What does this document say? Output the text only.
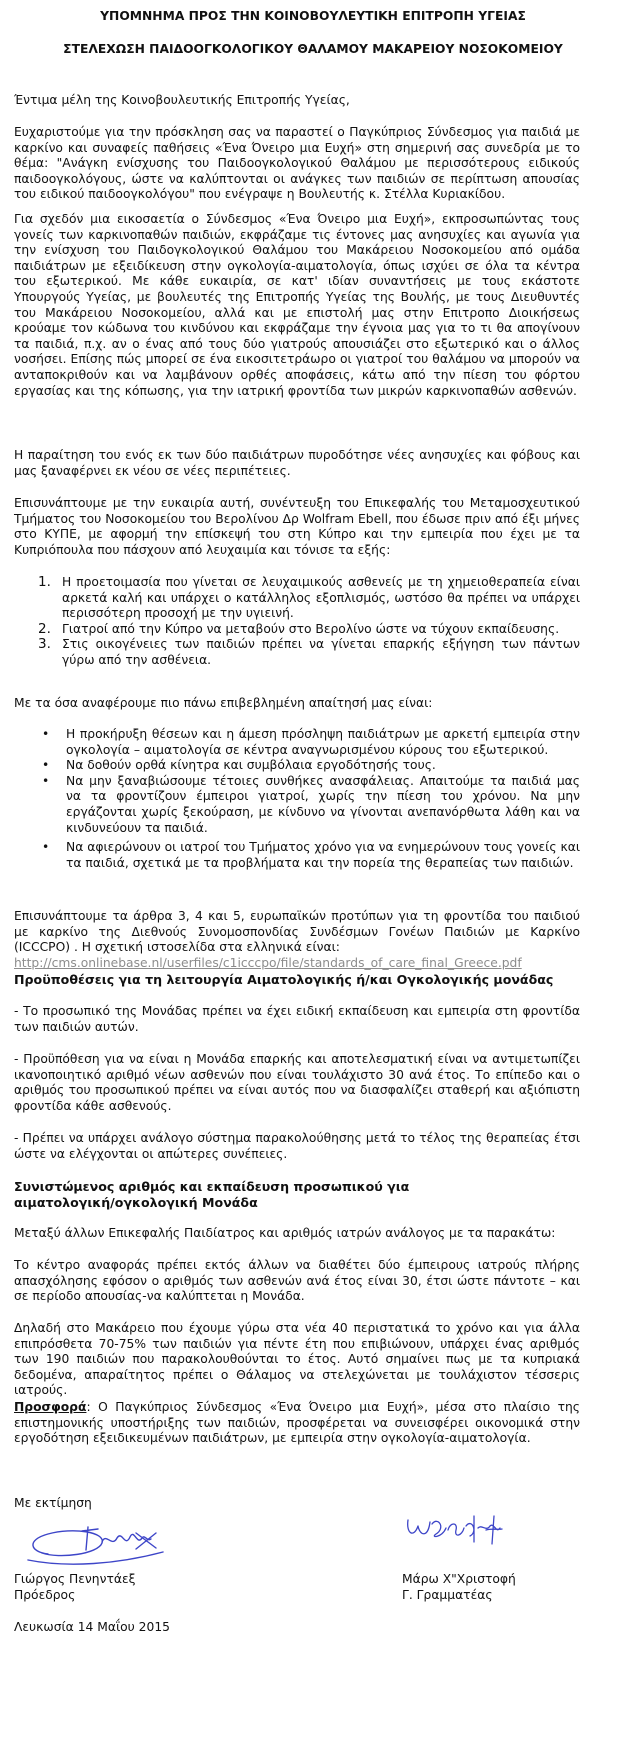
ΥΠΟΜΝΗΜΑ ΠΡΟΣ ΤΗΝ ΚΟΙΝΟΒΟΥΛΕΥΤΙΚΗ ΕΠΙΤΡΟΠΗ ΥΓΕΙΑΣ

ΣΤΕΛΕΧΩΣΗ ΠΑΙΔΟΟΓΚΟΛΟΓΙΚΟΥ ΘΑΛΑΜΟΥ ΜΑΚΑΡΕΙΟΥ ΝΟΣΟΚΟΜΕΙΟΥ

Έντιμα μέλη της Κοινοβουλευτικής Επιτροπής Υγείας,

Ευχαριστούμε για την πρόσκληση σας να παραστεί ο Παγκύπριος Σύνδεσμος για παιδιά με καρκίνο και συναφείς παθήσεις «Ένα Όνειρο μια Ευχή» στη σημερινή σας συνεδρία με το θέμα: "Ανάγκη ενίσχυσης του Παιδοογκολογικού Θαλάμου με περισσότερους ειδικούς παιδοογκολόγους, ώστε να καλύπτονται οι ανάγκες των παιδιών σε περίπτωση απουσίας του ειδικού παιδοογκολόγου" που ενέγραψε η Βουλευτής κ. Στέλλα Κυριακίδου.

Για σχεδόν μια εικοσαετία ο Σύνδεσμος «Ένα Όνειρο μια Ευχή», εκπροσωπώντας τους γονείς των καρκινοπαθών παιδιών, εκφράζαμε τις έντονες μας ανησυχίες και αγωνία για την ενίσχυση του Παιδογκολογικού Θαλάμου του Μακάρειου Νοσοκομείου από ομάδα παιδιάτρων με εξειδίκευση στην ογκολογία-αιματολογία, όπως ισχύει σε όλα τα κέντρα του εξωτερικού. Με κάθε ευκαιρία, σε κατ' ιδίαν συναντήσεις με τους εκάστοτε Υπουργούς Υγείας, με βουλευτές της Επιτροπής Υγείας της Βουλής, με τους Διευθυντές του Μακάρειου Νοσοκομείου, αλλά και με επιστολή μας στην Επιτροπο Διοικήσεως κρούαμε τον κώδωνα του κινδύνου και εκφράζαμε την έγνοια μας για το τι θα απογίνουν τα παιδιά, π.χ. αν ο ένας από τους δύο γιατρούς απουσιάζει στο εξωτερικό και ο άλλος νοσήσει. Επίσης πώς μπορεί σε ένα εικοσιτετράωρο οι γιατροί του θαλάμου να μπορούν να ανταποκριθούν και να λαμβάνουν ορθές αποφάσεις, κάτω από την πίεση του φόρτου εργασίας και της κόπωσης, για την ιατρική φροντίδα των μικρών καρκινοπαθών ασθενών.

Η παραίτηση του ενός εκ των δύο παιδιάτρων πυροδότησε νέες ανησυχίες και φόβους και μας ξαναφέρνει εκ νέου σε νέες περιπέτειες.

Επισυνάπτουμε με την ευκαιρία αυτή, συνέντευξη του Επικεφαλής του Μεταμοσχευτικού Τμήματος του Νοσοκομείου του Βερολίνου Δρ Wolfram Ebell, που έδωσε πριν από έξι μήνες στο ΚΥΠΕ, με αφορμή την επίσκεψή του στη Κύπρο και την εμπειρία που έχει με τα Κυπριόπουλα που πάσχουν από λευχαιμία και τόνισε τα εξής:

1. Η προετοιμασία που γίνεται σε λευχαιμικούς ασθενείς με τη χημειοθεραπεία είναι αρκετά καλή και υπάρχει ο κατάλληλος εξοπλισμός, ωστόσο θα πρέπει να υπάρχει περισσότερη προσοχή με την υγιεινή.
2. Γιατροί από την Κύπρο να μεταβούν στο Βερολίνο ώστε να τύχουν εκπαίδευσης.
3. Στις οικογένειες των παιδιών πρέπει να γίνεται επαρκής εξήγηση των πάντων γύρω από την ασθένεια.

Με τα όσα αναφέρουμε πιο πάνω επιβεβλημένη απαίτησή μας είναι:

• Η προκήρυξη θέσεων και η άμεση πρόσληψη παιδιάτρων με αρκετή εμπειρία στην ογκολογία – αιματολογία σε κέντρα αναγνωρισμένου κύρους του εξωτερικού.
• Να δοθούν ορθά κίνητρα και συμβόλαια εργοδότησής τους.
• Να μην ξαναβιώσουμε τέτοιες συνθήκες ανασφάλειας. Απαιτούμε τα παιδιά μας να τα φροντίζουν έμπειροι γιατροί, χωρίς την πίεση του χρόνου. Να μην εργάζονται χωρίς ξεκούραση, με κίνδυνο να γίνονται ανεπανόρθωτα λάθη και να κινδυνεύουν τα παιδιά.
• Να αφιερώνουν οι ιατροί του Τμήματος χρόνο για να ενημερώνουν τους γονείς και τα παιδιά, σχετικά με τα προβλήματα και την πορεία της θεραπείας των παιδιών.

Επισυνάπτουμε τα άρθρα 3, 4 και 5, ευρωπαϊκών προτύπων για τη φροντίδα του παιδιού με καρκίνο της Διεθνούς Συνομοσπονδίας Συνδέσμων Γονέων Παιδιών με Καρκίνο (ICCCPO) . Η σχετική ιστοσελίδα στα ελληνικά είναι:
http://cms.onlinebase.nl/userfiles/c1icccpo/file/standards_of_care_final_Greece.pdf

Προϋποθέσεις για τη λειτουργία Αιματολογικής ή/και Ογκολογικής μονάδας

- Το προσωπικό της Μονάδας πρέπει να έχει ειδική εκπαίδευση και εμπειρία στη φροντίδα των παιδιών αυτών.

- Προϋπόθεση για να είναι η Μονάδα επαρκής και αποτελεσματική είναι να αντιμετωπίζει ικανοποιητικό αριθμό νέων ασθενών που είναι τουλάχιστο 30 ανά έτος. Το επίπεδο και ο αριθμός του προσωπικού πρέπει να είναι αυτός που να διασφαλίζει σταθερή και αξιόπιστη φροντίδα κάθε ασθενούς.

- Πρέπει να υπάρχει ανάλογο σύστημα παρακολούθησης μετά το τέλος της θεραπείας έτσι ώστε να ελέγχονται οι απώτερες συνέπειες.

Συνιστώμενος αριθμός και εκπαίδευση προσωπικού για
αιματολογική/ογκολογική Μονάδα

Μεταξύ άλλων Επικεφαλής Παιδίατρος και αριθμός ιατρών ανάλογος με τα παρακάτω:

Το κέντρο αναφοράς πρέπει εκτός άλλων να διαθέτει δύο έμπειρους ιατρούς πλήρης απασχόλησης εφόσον ο αριθμός των ασθενών ανά έτος είναι 30, έτσι ώστε πάντοτε – και σε περίοδο απουσίας-να καλύπτεται η Μονάδα.

Δηλαδή στο Μακάρειο που έχουμε γύρω στα νέα 40 περιστατικά το χρόνο και για άλλα επιπρόσθετα 70-75% των παιδιών για πέντε έτη που επιβιώνουν, υπάρχει ένας αριθμός των 190 παιδιών που παρακολουθούνται το έτος. Αυτό σημαίνει πως με τα κυπριακά δεδομένα, απαραίτητος πρέπει ο Θάλαμος να στελεχώνεται με τουλάχιστον τέσσερις ιατρούς.

Προσφορά: Ο Παγκύπριος Σύνδεσμος «Ένα Όνειρο μια Ευχή», μέσα στο πλαίσιο της επιστημονικής υποστήριξης των παιδιών, προσφέρεται να συνεισφέρει οικονομικά στην εργοδότηση εξειδικευμένων παιδιάτρων, με εμπειρία στην ογκολογία-αιματολογία.

Με εκτίμηση

Γιώργος Πενηντάεξ

Πρόεδρος

Μάρω Χ"Χριστοφή

Γ. Γραμματέας

Λευκωσία 14 Μαΐου 2015
